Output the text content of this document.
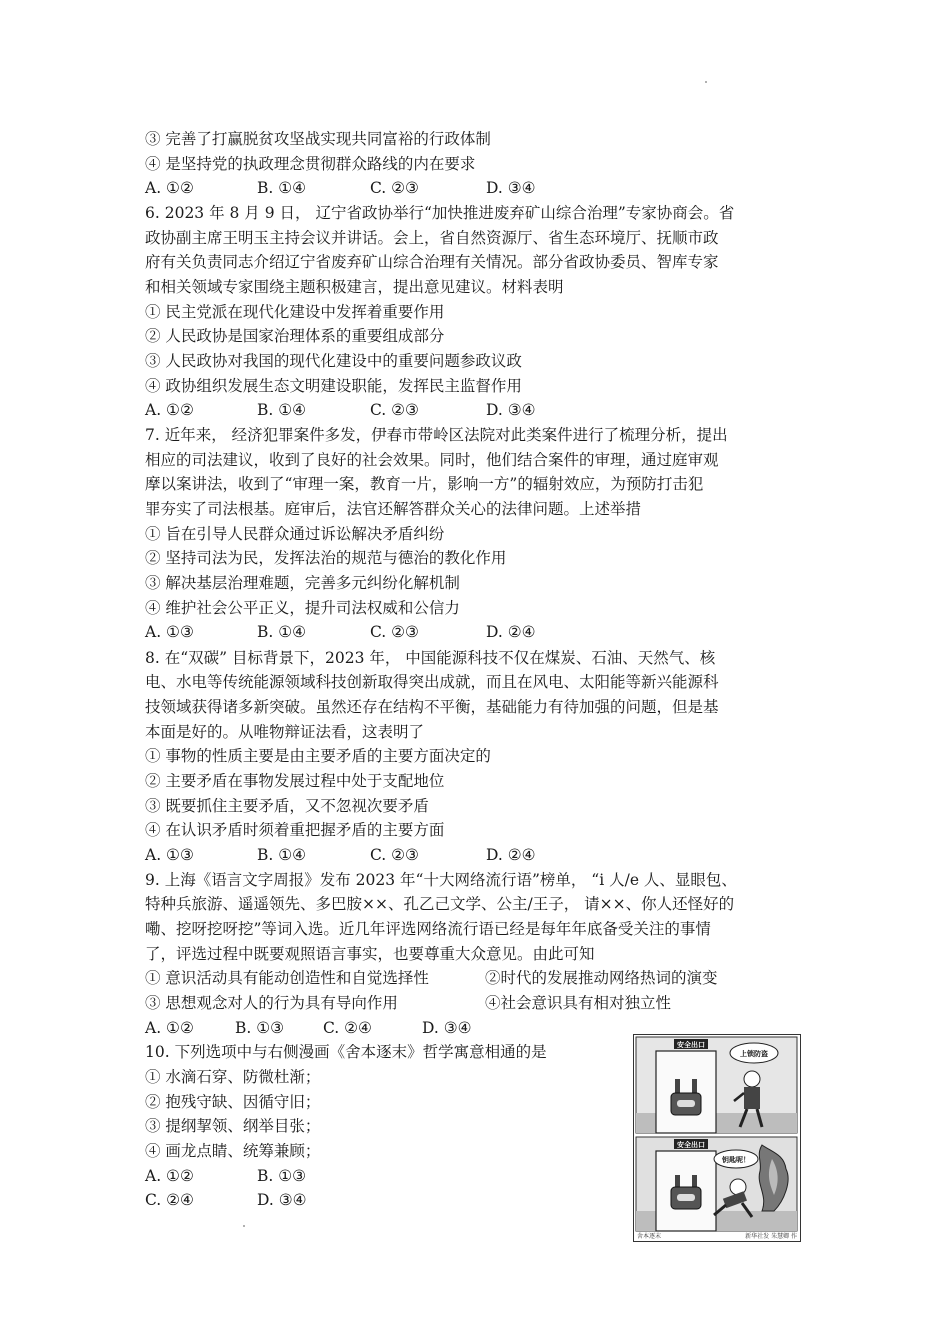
③ 完善了打赢脱贫攻坚战实现共同富裕的行政体制
④ 是坚持党的执政理念贯彻群众路线的内在要求
A. ①②	B. ①④	C. ②③	D. ③④
6. 2023 年 8 月 9 日， 辽宁省政协举行“加快推进废弃矿山综合治理”专家协商会。省
政协副主席王明玉主持会议并讲话。会上，省自然资源厅、省生态环境厅、抚顺市政
府有关负责同志介绍辽宁省废弃矿山综合治理有关情况。部分省政协委员、智库专家
和相关领域专家围绕主题积极建言，提出意见建议。材料表明
① 民主党派在现代化建设中发挥着重要作用
② 人民政协是国家治理体系的重要组成部分
③ 人民政协对我国的现代化建设中的重要问题参政议政
④ 政协组织发展生态文明建设职能，发挥民主监督作用
A. ①②	B. ①④	C. ②③	D. ③④
7. 近年来， 经济犯罪案件多发，伊春市带岭区法院对此类案件进行了梳理分析，提出
相应的司法建议，收到了良好的社会效果。同时，他们结合案件的审理，通过庭审观
摩以案讲法，收到了“审理一案，教育一片，影响一方”的辐射效应，为预防打击犯
罪夯实了司法根基。庭审后，法官还解答群众关心的法律问题。上述举措
① 旨在引导人民群众通过诉讼解决矛盾纠纷
② 坚持司法为民，发挥法治的规范与德治的教化作用
③ 解决基层治理难题，完善多元纠纷化解机制
④ 维护社会公平正义，提升司法权威和公信力
A. ①③	B. ①④	C. ②③	D. ②④
8. 在“双碳” 目标背景下，2023 年， 中国能源科技不仅在煤炭、石油、天然气、核
电、水电等传统能源领域科技创新取得突出成就，而且在风电、太阳能等新兴能源科
技领域获得诸多新突破。虽然还存在结构不平衡，基础能力有待加强的问题，但是基
本面是好的。从唯物辩证法看，这表明了
① 事物的性质主要是由主要矛盾的主要方面决定的
② 主要矛盾在事物发展过程中处于支配地位
③ 既要抓住主要矛盾，又不忽视次要矛盾
④ 在认识矛盾时须着重把握矛盾的主要方面
A. ①③	B. ①④	C. ②③	D. ②④
9. 上海《语言文字周报》发布 2023 年“十大网络流行语”榜单， “i 人/e 人、显眼包、
特种兵旅游、遥遥领先、多巴胺××、孔乙己文学、公主/王子， 请××、你人还怪好的
嘞、挖呀挖呀挖”等词入选。近几年评选网络流行语已经是每年年底备受关注的事情
了，评选过程中既要观照语言事实，也要尊重大众意见。由此可知
① 意识活动具有能动创造性和自觉选择性	②时代的发展推动网络热词的演变
③ 思想观念对人的行为具有导向作用	④社会意识具有相对独立性
A. ①②	B. ①③	C. ②④	D. ③④
10. 下列选项中与右侧漫画《舍本逐末》哲学寓意相通的是
① 水滴石穿、防微杜渐；
② 抱残守缺、因循守旧；
③ 提纲挈领、纲举目张；
④ 画龙点睛、统筹兼顾；
A. ①②	B. ①③
C. ②④	D. ③④
安全出口
上锁防盗
安全出口
钥匙呢！
舍本逐末	新华社发 朱慧卿 作
